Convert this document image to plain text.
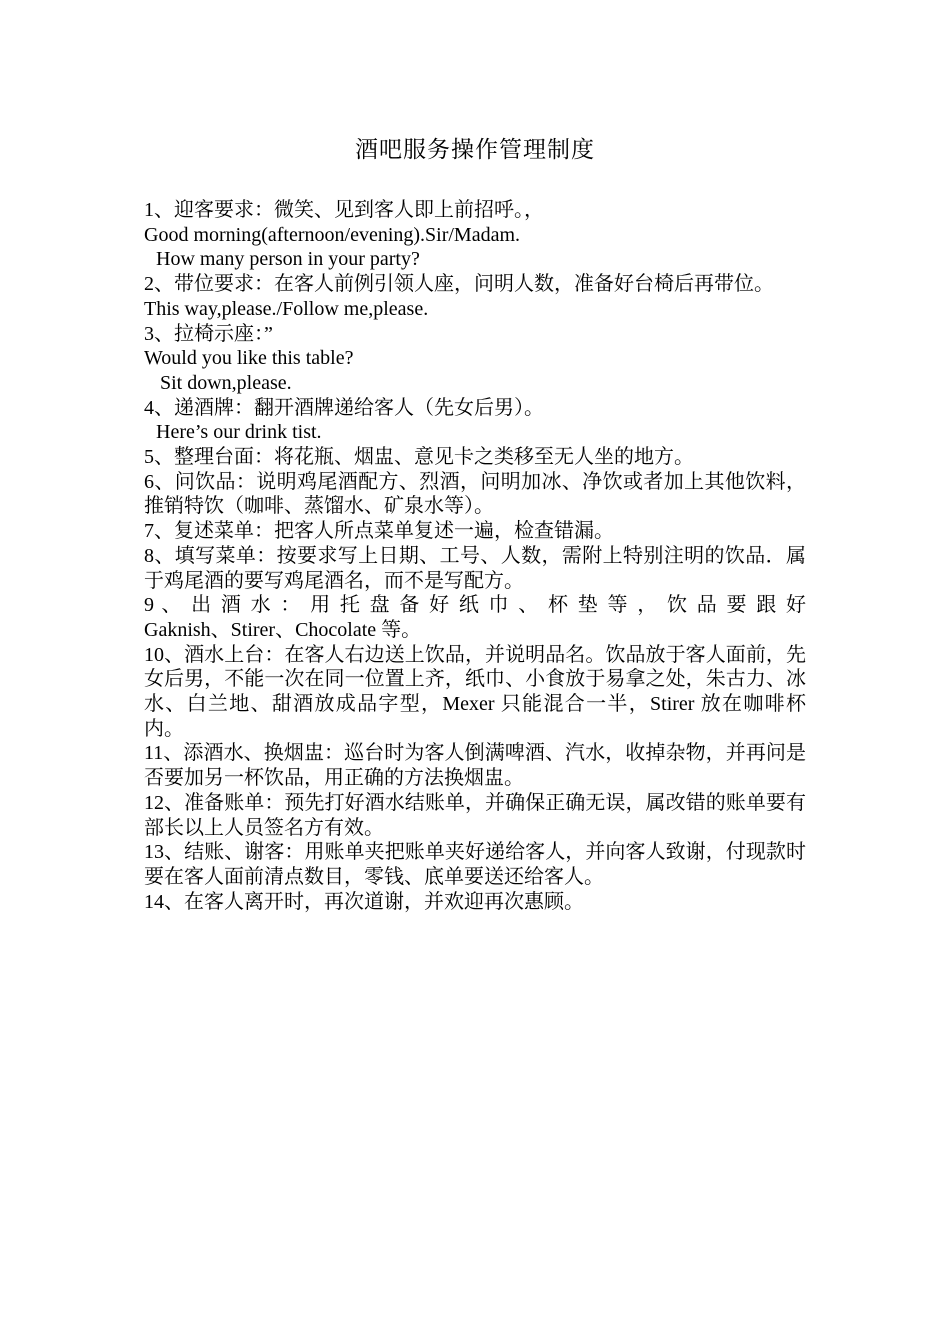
酒吧服务操作管理制度
1、迎客要求：微笑、见到客人即上前招呼。，
Good morning(afternoon/evening).Sir/Madam.
How many person in your party?
2、带位要求：在客人前例引领人座，问明人数，准备好台椅后再带位。
This way,please./Follow me,please.
3、拉椅示座：”
Would you like this table?
Sit down,please.
4、递酒牌：翻开酒牌递给客人（先女后男）。
Here’s our drink tist.
5、整理台面：将花瓶、烟盅、意见卡之类移至无人坐的地方。
6、问饮品：说明鸡尾酒配方、烈酒，问明加冰、净饮或者加上其他饮料，推销特饮（咖啡、蒸馏水、矿泉水等）。
7、复述菜单：把客人所点菜单复述一遍，检查错漏。
8、填写菜单：按要求写上日期、工号、人数，需附上特别注明的饮品．属于鸡尾酒的要写鸡尾酒名，而不是写配方。
9 、 出 酒 水 ： 用 托 盘 备 好 纸 巾 、 杯 垫 等 ， 饮 品 要 跟 好
Gaknish、Stirer、Chocolate 等。
10、酒水上台：在客人右边送上饮品，并说明品名。饮品放于客人面前，先女后男，不能一次在同一位置上齐，纸巾、小食放于易拿之处，朱古力、冰水、白兰地、甜酒放成品字型，Mexer 只能混合一半，Stirer 放在咖啡杯内。
11、添酒水、换烟盅：巡台时为客人倒满啤酒、汽水，收掉杂物，并再问是否要加另一杯饮品，用正确的方法换烟盅。
12、准备账单：预先打好酒水结账单，并确保正确无误，属改错的账单要有部长以上人员签名方有效。
13、结账、谢客：用账单夹把账单夹好递给客人，并向客人致谢，付现款时要在客人面前清点数目，零钱、底单要送还给客人。
14、在客人离开时，再次道谢，并欢迎再次惠顾。
